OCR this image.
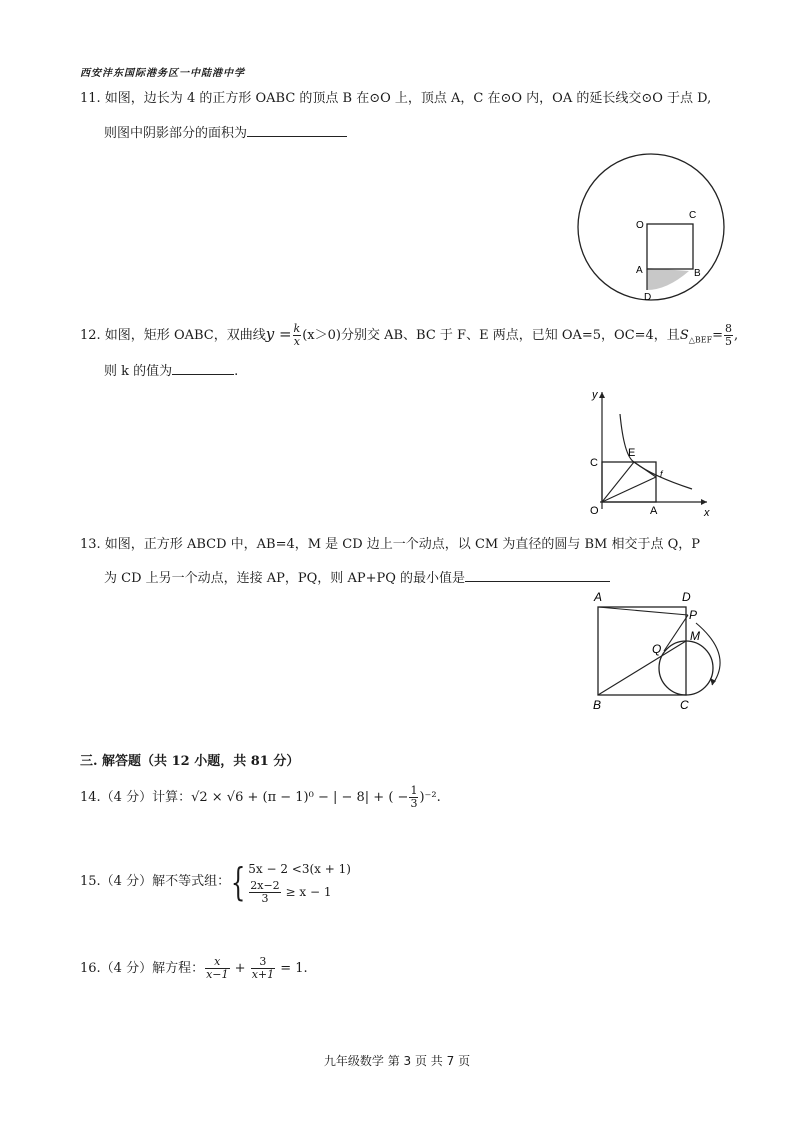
西安沣东国际港务区一中陆港中学
11. 如图，边长为 4 的正方形 OABC 的顶点 B 在⊙O 上，顶点 A，C 在⊙O 内，OA 的延长线交⊙O 于点 D,
则图中阴影部分的面积为
O
C
A	B
D
12. 如图，矩形 OABC，双曲线$y = \frac{k}{x} (x>0)$分别交 AB、BC 于 F、E 两点，已知 OA=5，OC=4，且$S_{\triangle BEF}= \frac{8}{5}$ ,
则 k 的值为	.
y
x
C
E
f
O	A
13. 如图，正方形 ABCD 中，AB=4，M 是 CD 边上一个动点，以 CM 为直径的圆与 BM 相交于点 Q，P
为 CD 上另一个动点，连接 AP，PQ，则 AP+PQ 的最小值是
A	D
P
M
Q
B	C
三. 解答题（共 12 小题，共 81 分）
14.（4 分）计算：√2 × √6 + (π − 1)⁰ − | − 8| + ( − $\frac{1}{3} )^{-2}$.
15.（4 分）解不等式组：{ 5x − 2 <3(x + 1)
$\frac{2x-2}{3} \ge x - 1$
16.（4 分）解方程： $\frac{x}{x-1} + \frac{3}{x+1} = 1$.
九年级数学 第 3 页 共 7 页
